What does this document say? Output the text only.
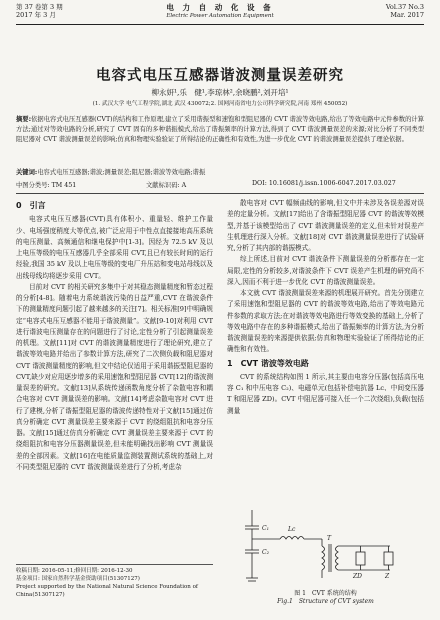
第 37 卷第 3 期
2017 年 3 月
电 力 自 动 化 设 备
Electric Power Automation Equipment
Vol.37 No.3
Mar. 2017
电容式电压互感器谐波测量误差研究
柳永妍¹,乐　健¹,李琼林²,余晓鹏²,刘开培¹
(1. 武汉大学 电气工程学院,湖北 武汉 430072;2. 国网河南省电力公司科学研究院,河南 郑州 450052)
摘要:依据电容式电压互感器(CVT)的结构和工作原理,建立了采用谐振型和速饱和型阻尼器的 CVT 谐波等效电路,给出了等效电路中元件参数的计算方法;通过对等效电路的分析,研究了 CVT 固有的多种谐振模式,给出了谐振频率的计算方法,得到了 CVT 谐波测量误差的来源;对比分析了不同类型阻尼器对 CVT 谐波测量误差的影响;仿真和物理实验验证了所得结论的正确性和有效性,为进一步优化 CVT 的谐波测量误差提供了理论依据。
关键词:电容式电压互感器;谐波;测量误差;阻尼器;谐波等效电路;谐振
中图分类号: TM 451	文献标识码: A	DOI: 10.16081/j.issn.1006-6047.2017.03.027
0　引言

电容式电压互感器(CVT)具有体积小、重量轻、维护工作量少、电场强度稍度大等优点,被广泛应用于中性点直接接地高压系统的电压测量、高频通信和继电保护中[1-3]。因经为 72.5 kV 及以上电压等级的电压互感器几乎全部采用 CVT,且已有较长时间的运行经验,我国 35 kV 及以上电压等级的变电厂升压站和变电站母线以及出线母线均将逐步采用 CVT。

目前对 CVT 的相关研究多集中于对其稳态测量精度和暂态过程的分析[4-8]。随着电力系统谐波污染的日益严重,CVT 在谐波条件下的测量精度问题引起了越来越多的关注[7]。相关标准[9]中明确规定“电容式电压互感器不能用于谐波测量”。文献[9-10]对利用 CVT 进行谐波电压测量存在的问题进行了讨论,定性分析了引起测量误差的机理。文献[11]对 CVT 的谐波测量精度进行了理论研究,建立了谐波等效电路并给出了参数计算方法,研究了二次侧负载和阻尼器对 CVT 谐波测量精度的影响,但文中结论仅适用于采用谐振型阻尼器的 CVT,缺少对应用逐步增多的采用速饱和型阻尼器 CVT[12]的谐波测量误差的研究。文献[13]从系统传递函数角度分析了杂散电容和耦合电容对 CVT 测量误差的影响。文献[14]考虑杂散电容对 CVT 进行了建模,分析了谐振型阻尼器的谐波传递特性对于文献[15]通过仿真分析确定 CVT 测量误差主要来源于 CVT 的绕组阻抗和电容分压器。文献[15]通过仿真分析确定 CVT 测量误差主要来源于 CVT 的绕组阻抗和电容分压器测量误差,但未能明确找出影响 CVT 测量误差的全部因素。文献[16]在电能质量监测装置测试系统的基础上,对不同类型阻尼器的 CVT 谐波测量误差进行了分析,考虑杂

收稿日期: 2016-05-11;修回日期: 2016-12-30
基金项目: 国家自然科学基金资助项目(51307127)
Project supported by the National Natural Science Foundation of China(51307127)

散电容对 CVT 幅频曲线的影响,但文中并未涉及各误差源对误差的定量分析。文献[17]给出了含谐振型阻尼器 CVT 的谐波等效模型,并基于该模型给出了 CVT 谐波测量误差的定义,但未针对误差产生机理进行深入分析。文献[18]对 CVT 谐波测量误差进行了试验研究,分析了其内部的谐振模式。

综上所述,目前对 CVT 谐波条件下测量误差的分析都存在一定局限,定性的分析较多,对谐波条件下 CVT 误差产生机理的研究尚不深入,因而不利于进一步优化 CVT 的谐波测量误差。

本文就 CVT 谐波测量误差来源的机理展开研究。首先分别建立了采用速饱和型阻尼器的 CVT 的谐波等效电路,给出了等效电路元件参数的求取方法;在对谐波等效电路进行等效变换的基础上,分析了等效电路中存在的多种谐振模式,给出了谐振频率的计算方法,为分析谐波测量误差的来源提供依据;仿真和物理实验验证了所得结论的正确性和有效性。

1　CVT 谐波等效电路

CVT 的系统结构如图 1 所示,其主要由电容分压器(包括高压电容 C₁ 和中压电容 C₂)、电磁单元(包括补偿电抗器 Lc、中间变压器 T 和阻尼器 ZD)。CVT 中阻尼器可接入任一个二次绕组),负载(包括测量

C₁
C₂
Lc
T
ZD	Z
图 1　CVT 系统的结构
Fig.1　Structure of CVT system
